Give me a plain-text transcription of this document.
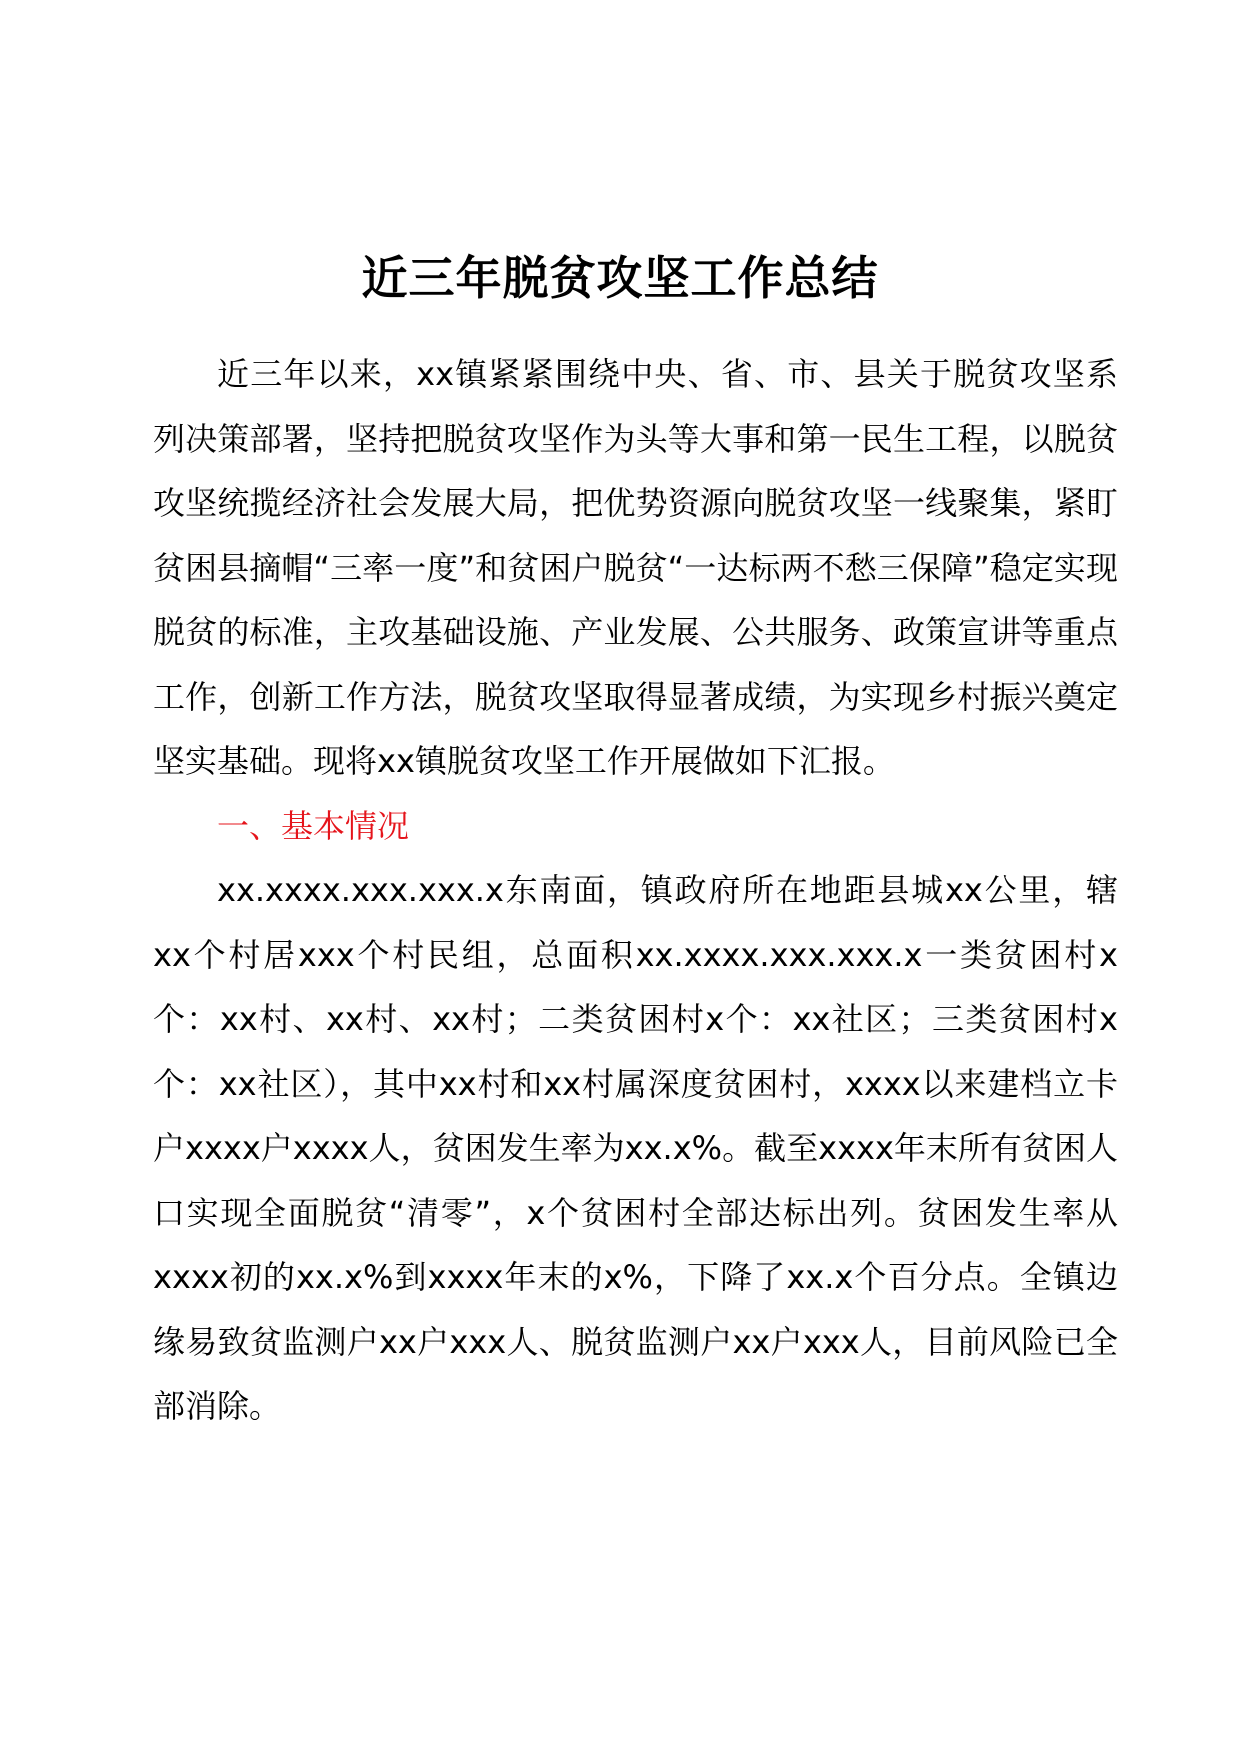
近三年脱贫攻坚工作总结

近三年以来，xx镇紧紧围绕中央、省、市、县关于脱贫攻坚系列决策部署，坚持把脱贫攻坚作为头等大事和第一民生工程，以脱贫攻坚统揽经济社会发展大局，把优势资源向脱贫攻坚一线聚集，紧盯贫困县摘帽“三率一度”和贫困户脱贫“一达标两不愁三保障”稳定实现脱贫的标准，主攻基础设施、产业发展、公共服务、政策宣讲等重点工作，创新工作方法，脱贫攻坚取得显著成绩，为实现乡村振兴奠定坚实基础。现将xx镇脱贫攻坚工作开展做如下汇报。

一、基本情况

xx.xxxx.xxx.xxx.x东南面，镇政府所在地距县城xx公里，辖xx个村居xxx个村民组，总面积xx.xxxx.xxx.xxx.x一类贫困村x个：xx村、xx村、xx村；二类贫困村x个：xx社区；三类贫困村x个：xx社区），其中xx村和xx村属深度贫困村，xxxx以来建档立卡户xxxx户xxxx人，贫困发生率为xx.x%。截至xxxx年末所有贫困人口实现全面脱贫“清零”，x个贫困村全部达标出列。贫困发生率从xxxx初的xx.x%到xxxx年末的x%，下降了xx.x个百分点。全镇边缘易致贫监测户xx户xxx人、脱贫监测户xx户xxx人，目前风险已全部消除。
